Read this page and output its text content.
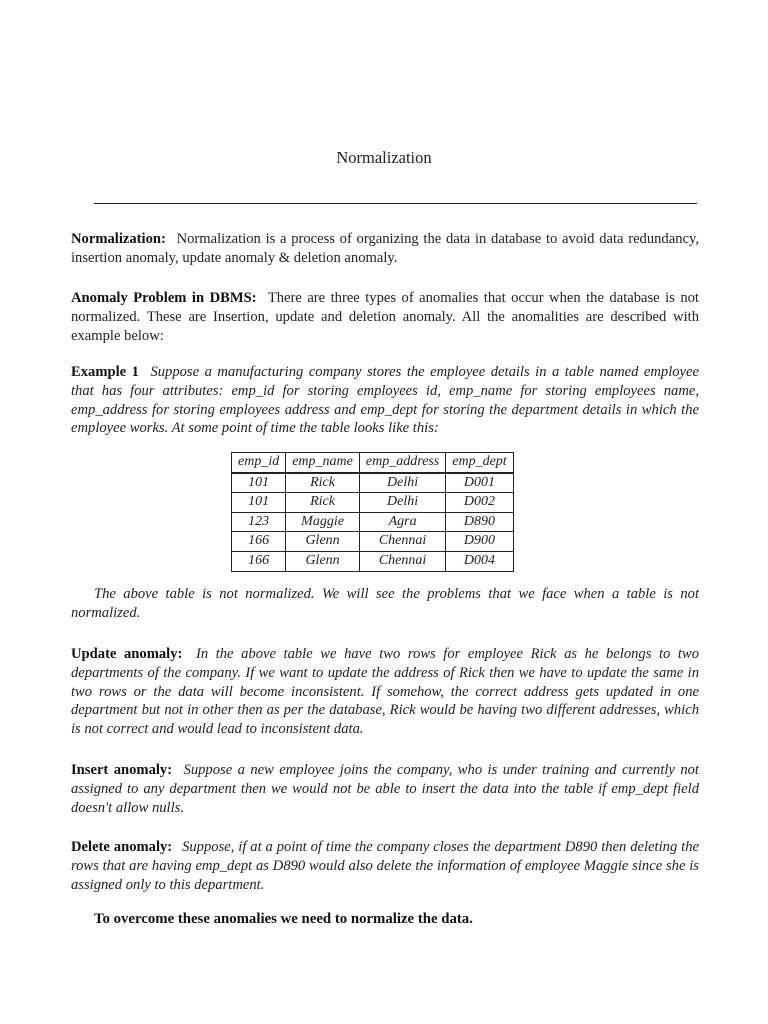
Normalization
Normalization: Normalization is a process of organizing the data in database to avoid data redundancy, insertion anomaly, update anomaly & deletion anomaly.
Anomaly Problem in DBMS: There are three types of anomalies that occur when the database is not normalized. These are Insertion, update and deletion anomaly. All the anomalities are described with example below:
Example 1 Suppose a manufacturing company stores the employee details in a table named employee that has four attributes: emp_id for storing employees id, emp_name for storing employees name, emp_address for storing employees address and emp_dept for storing the department details in which the employee works. At some point of time the table looks like this:
emp_id	emp_name	emp_address	emp_dept
101	Rick	Delhi	D001
101	Rick	Delhi	D002
123	Maggie	Agra	D890
166	Glenn	Chennai	D900
166	Glenn	Chennai	D004
The above table is not normalized. We will see the problems that we face when a table is not normalized.
Update anomaly: In the above table we have two rows for employee Rick as he belongs to two departments of the company. If we want to update the address of Rick then we have to update the same in two rows or the data will become inconsistent. If somehow, the correct address gets updated in one department but not in other then as per the database, Rick would be having two different addresses, which is not correct and would lead to inconsistent data.
Insert anomaly: Suppose a new employee joins the company, who is under training and currently not assigned to any department then we would not be able to insert the data into the table if emp_dept field doesn't allow nulls.
Delete anomaly: Suppose, if at a point of time the company closes the department D890 then deleting the rows that are having emp_dept as D890 would also delete the information of employee Maggie since she is assigned only to this department.
To overcome these anomalies we need to normalize the data.
